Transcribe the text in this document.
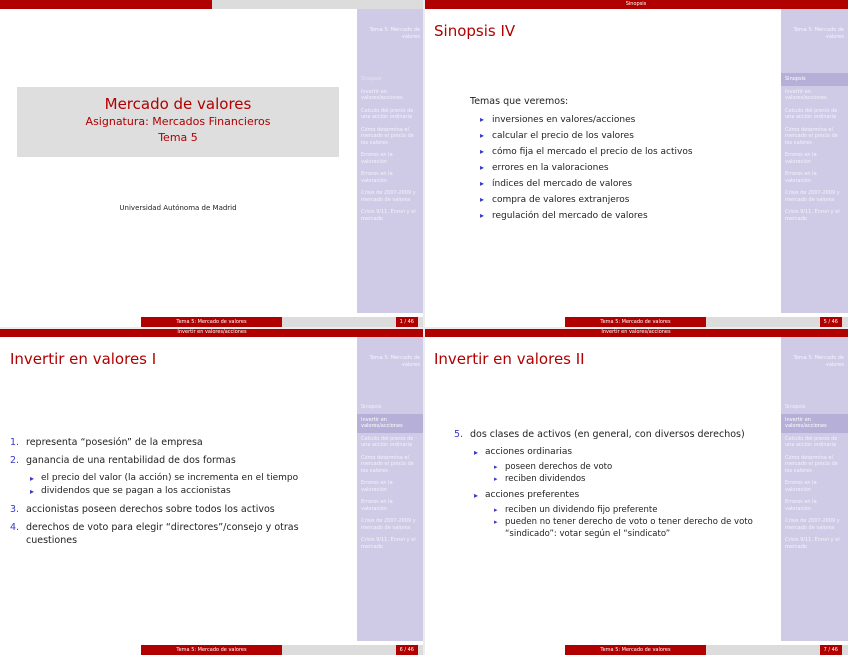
Tema 5: Mercado de valores
Sinopsis
Invertir en valores/acciones
Calculo del precio de una acción ordinaria
Cómo determina el mercado el precio de los valores
Errores en la valoración
Errores en la valoración
Crisis de 2007-2009 y mercado de valores
Crisis 9/11, Enron y el mercado
Mercado de valores
Asignatura: Mercados Financieros
Tema 5
Universidad Autónoma de Madrid
Tema 5: Mercado de valores	1 / 46
Sinopsis
Tema 5: Mercado de valores
Sinopsis
Invertir en valores/acciones
Calculo del precio de una acción ordinaria
Cómo determina el mercado el precio de los valores
Errores en la valoración
Errores en la valoración
Crisis de 2007-2009 y mercado de valores
Crisis 9/11, Enron y el mercado
Sinopsis IV
Temas que veremos:
▸ inversiones en valores/acciones
▸ calcular el precio de los valores
▸ cómo fija el mercado el precio de los activos
▸ errores en la valoraciones
▸ índices del mercado de valores
▸ compra de valores extranjeros
▸ regulación del mercado de valores
Tema 5: Mercado de valores	5 / 46
Invertir en valores/acciones
Tema 5: Mercado de valores
Sinopsis
Invertir en valores/acciones
Calculo del precio de una acción ordinaria
Cómo determina el mercado el precio de los valores
Errores en la valoración
Errores en la valoración
Crisis de 2007-2009 y mercado de valores
Crisis 9/11, Enron y el mercado
Invertir en valores I
1. representa “posesión” de la empresa
2. ganancia de una rentabilidad de dos formas
▸ el precio del valor (la acción) se incrementa en el tiempo
▸ dividendos que se pagan a los accionistas
3. accionistas poseen derechos sobre todos los activos
4. derechos de voto para elegir “directores”/consejo y otras cuestiones
Tema 5: Mercado de valores	6 / 46
Invertir en valores/acciones
Tema 5: Mercado de valores
Sinopsis
Invertir en valores/acciones
Calculo del precio de una acción ordinaria
Cómo determina el mercado el precio de los valores
Errores en la valoración
Errores en la valoración
Crisis de 2007-2009 y mercado de valores
Crisis 9/11, Enron y el mercado
Invertir en valores II
5. dos clases de activos (en general, con diversos derechos)
▸ acciones ordinarias
▸ poseen derechos de voto
▸ reciben dividendos
▸ acciones preferentes
▸ reciben un dividendo fijo preferente
▸ pueden no tener derecho de voto o tener derecho de voto “sindicado”: votar según el “sindicato”
Tema 5: Mercado de valores	7 / 46
